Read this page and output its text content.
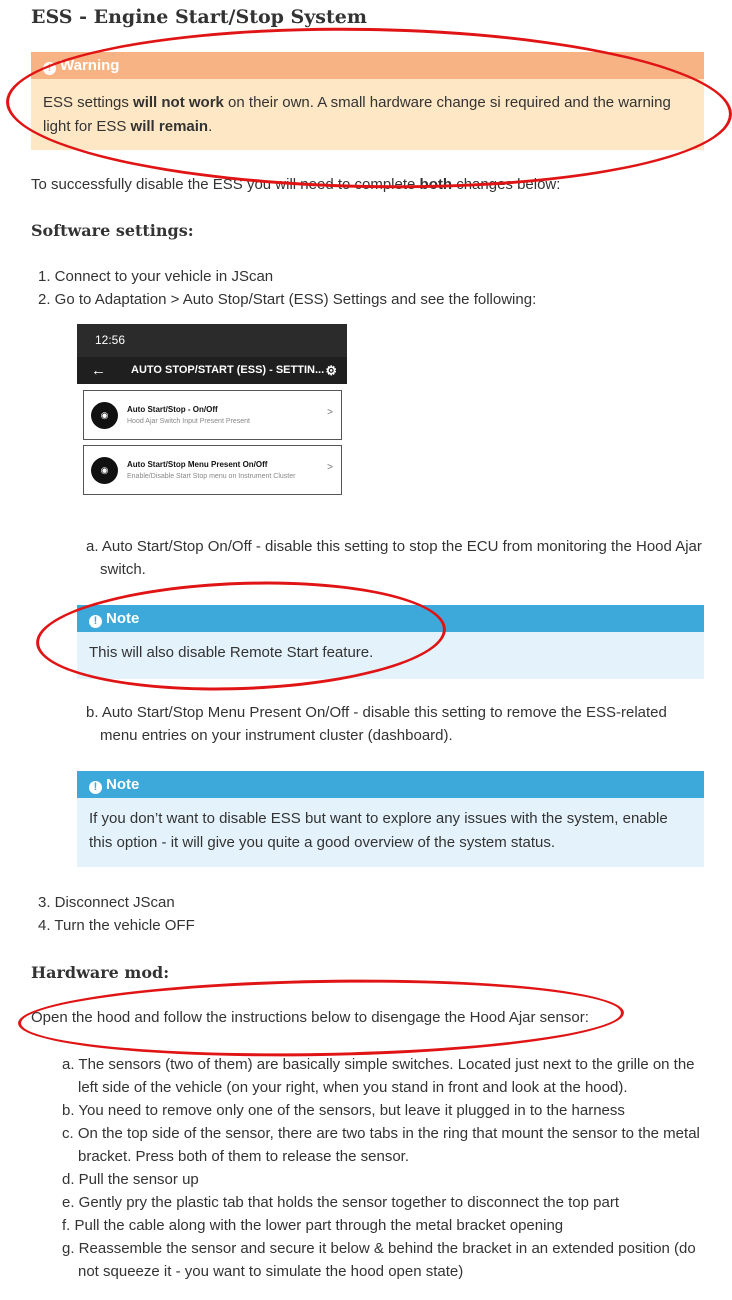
ESS - Engine Start/Stop System
! Warning
ESS settings will not work on their own. A small hardware change si required and the warning light for ESS will remain.
To successfully disable the ESS you will need to complete both changes below:
Software settings:
1. Connect to your vehicle in JScan
2. Go to Adaptation > Auto Stop/Start (ESS) Settings and see the following:
12:56
← AUTO STOP/START (ESS) - SETTIN... ⚙
◉
Auto Start/Stop - On/Off
Hood Ajar Switch Input Present Present
>
◉
Auto Start/Stop Menu Present On/Off
Enable/Disable Start Stop menu on Instrument Cluster
>
a. Auto Start/Stop On/Off - disable this setting to stop the ECU from monitoring the Hood Ajar switch.
! Note
This will also disable Remote Start feature.
b. Auto Start/Stop Menu Present On/Off - disable this setting to remove the ESS-related menu entries on your instrument cluster (dashboard).
! Note
If you don’t want to disable ESS but want to explore any issues with the system, enable this option - it will give you quite a good overview of the system status.
3. Disconnect JScan
4. Turn the vehicle OFF
Hardware mod:
Open the hood and follow the instructions below to disengage the Hood Ajar sensor:
a. The sensors (two of them) are basically simple switches. Located just next to the grille on the left side of the vehicle (on your right, when you stand in front and look at the hood).
b. You need to remove only one of the sensors, but leave it plugged in to the harness
c. On the top side of the sensor, there are two tabs in the ring that mount the sensor to the metal bracket. Press both of them to release the sensor.
d. Pull the sensor up
e. Gently pry the plastic tab that holds the sensor together to disconnect the top part
f. Pull the cable along with the lower part through the metal bracket opening
g. Reassemble the sensor and secure it below & behind the bracket in an extended position (do not squeeze it - you want to simulate the hood open state)
